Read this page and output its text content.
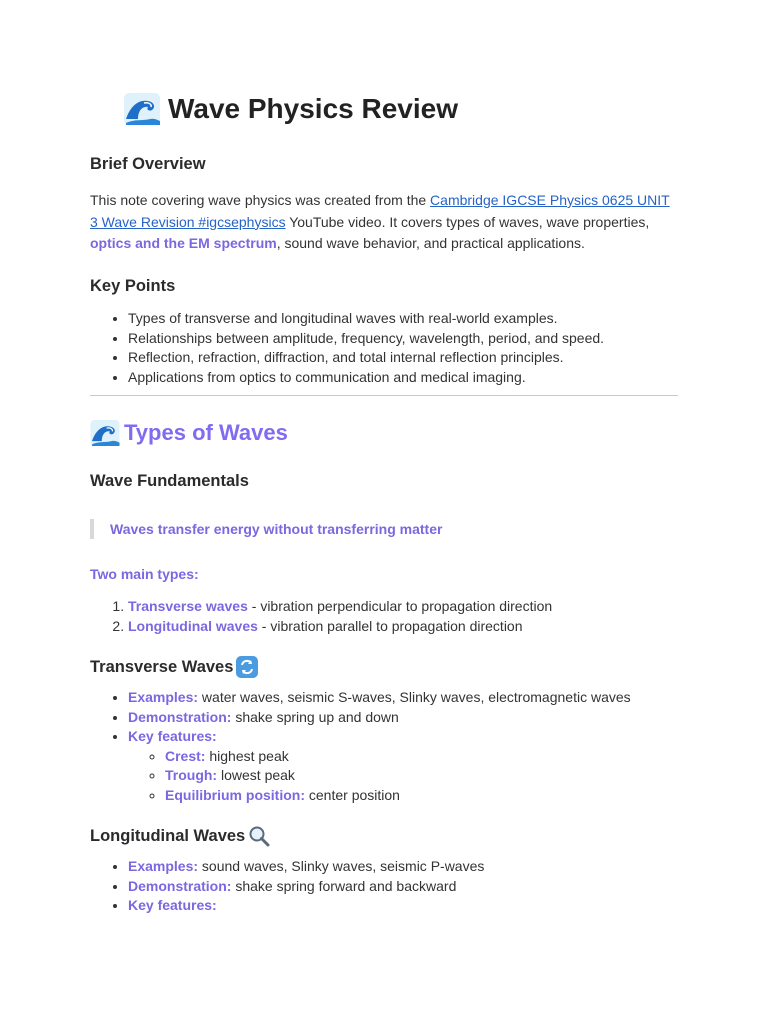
Wave Physics Review
Brief Overview

This note covering wave physics was created from the Cambridge IGCSE Physics 0625 UNIT 3 Wave Revision #igcsephysics YouTube video. It covers types of waves, wave properties, optics and the EM spectrum, sound wave behavior, and practical applications.

Key Points
• Types of transverse and longitudinal waves with real-world examples.
• Relationships between amplitude, frequency, wavelength, period, and speed.
• Reflection, refraction, diffraction, and total internal reflection principles.
• Applications from optics to communication and medical imaging.
Types of Waves
Wave Fundamentals
Waves transfer energy without transferring matter

Two main types:

1. Transverse waves - vibration perpendicular to propagation direction
2. Longitudinal waves - vibration parallel to propagation direction
Transverse Waves
• Examples: water waves, seismic S-waves, Slinky waves, electromagnetic waves
• Demonstration: shake spring up and down
• Key features:
◦ Crest: highest peak
◦ Trough: lowest peak
◦ Equilibrium position: center position
Longitudinal Waves
• Examples: sound waves, Slinky waves, seismic P-waves
• Demonstration: shake spring forward and backward
• Key features:
